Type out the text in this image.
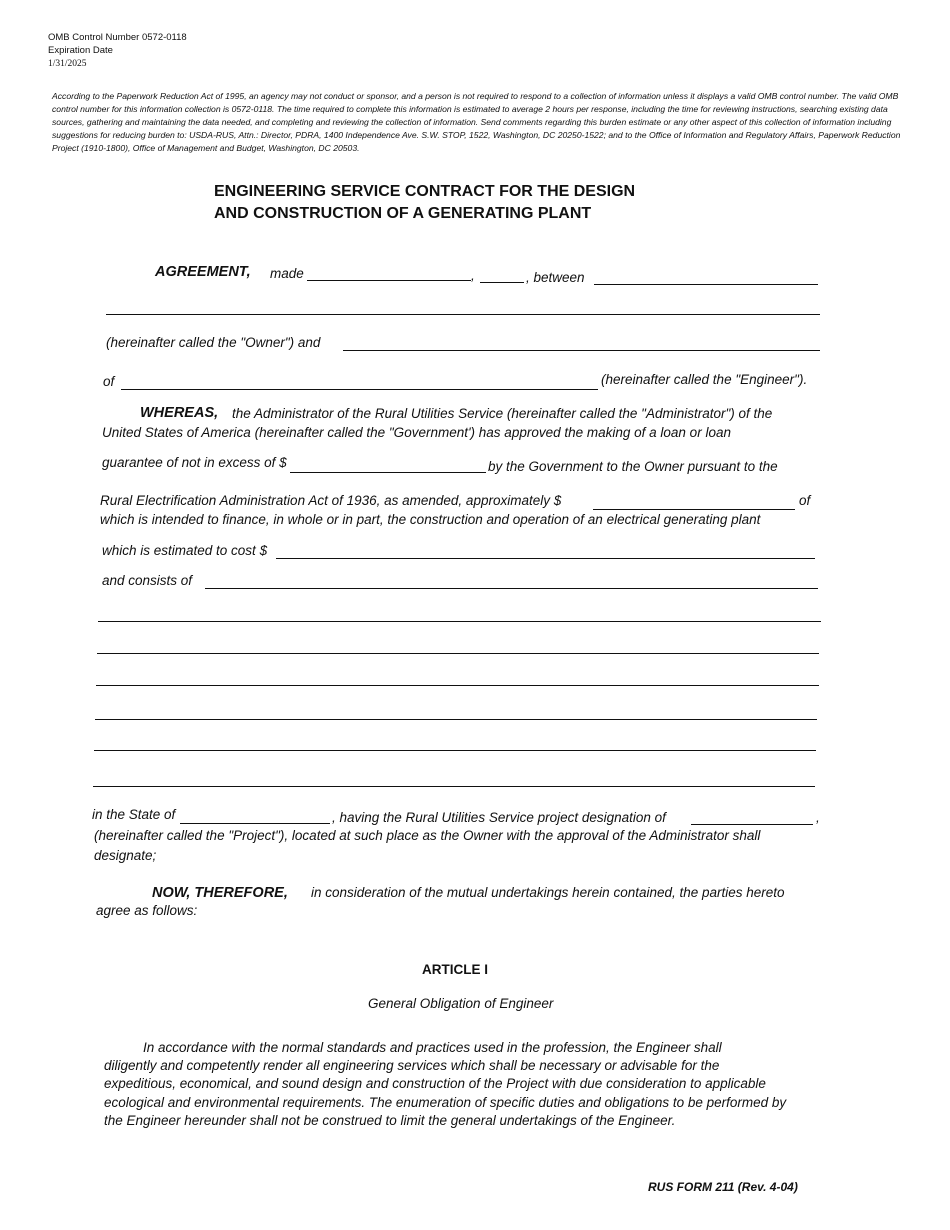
OMB Control Number 0572-0118
Expiration Date
1/31/2025
According to the Paperwork Reduction Act of 1995, an agency may not conduct or sponsor, and a person is not required to respond to a collection of information unless it displays a valid OMB control number. The valid OMB control number for this information collection is 0572-0118. The time required to complete this information is estimated to average 2 hours per response, including the time for reviewing instructions, searching existing data sources, gathering and maintaining the data needed, and completing and reviewing the collection of information. Send comments regarding this burden estimate or any other aspect of this collection of information including suggestions for reducing burden to: USDA-RUS, Attn.: Director, PDRA, 1400 Independence Ave. S.W. STOP, 1522, Washington, DC 20250-1522; and to the Office of Information and Regulatory Affairs, Paperwork Reduction Project (1910-1800), Office of Management and Budget, Washington, DC 20503.
ENGINEERING SERVICE CONTRACT FOR THE DESIGN
AND CONSTRUCTION OF A GENERATING PLANT
AGREEMENT, made	,	, between
(hereinafter called the "Owner") and
of	(hereinafter called the "Engineer").
WHEREAS, the Administrator of the Rural Utilities Service (hereinafter called the "Administrator") of the
United States of America (hereinafter called the "Government') has approved the making of a loan or loan
guarantee of not in excess of $	by the Government to the Owner pursuant to the
Rural Electrification Administration Act of 1936, as amended, approximately $	of
which is intended to finance, in whole or in part, the construction and operation of an electrical generating plant
which is estimated to cost $
and consists of
in the State of	, having the Rural Utilities Service project designation of	,
(hereinafter called the "Project"), located at such place as the Owner with the approval of the Administrator shall
designate;
NOW, THEREFORE, in consideration of the mutual undertakings herein contained, the parties hereto
agree as follows:
ARTICLE I
General Obligation of Engineer
In accordance with the normal standards and practices used in the profession, the Engineer shall
diligently and competently render all engineering services which shall be necessary or advisable for the
expeditious, economical, and sound design and construction of the Project with due consideration to applicable
ecological and environmental requirements. The enumeration of specific duties and obligations to be performed by
the Engineer hereunder shall not be construed to limit the general undertakings of the Engineer.
RUS FORM 211 (Rev. 4-04)
